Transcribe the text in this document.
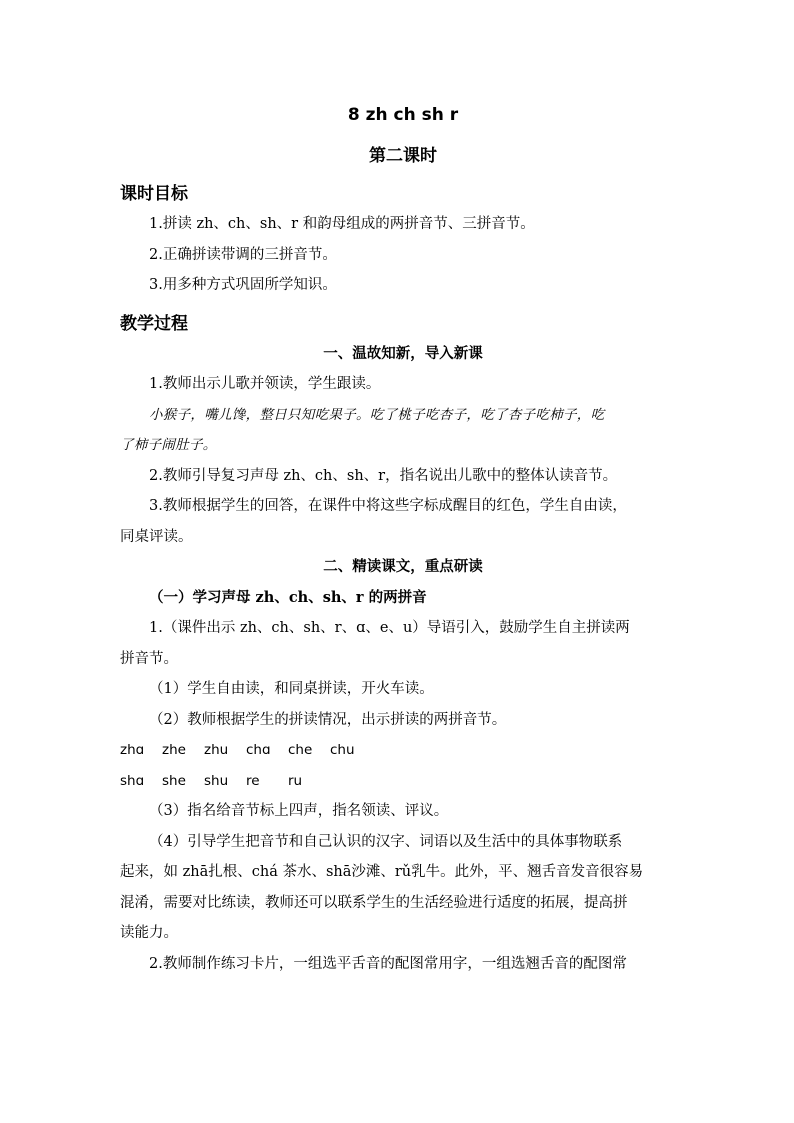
8 zh ch sh r
第二课时
课时目标
1.拼读 zh、ch、sh、r 和韵母组成的两拼音节、三拼音节。
2.正确拼读带调的三拼音节。
3.用多种方式巩固所学知识。
教学过程
一、温故知新，导入新课
1.教师出示儿歌并领读，学生跟读。
小猴子，嘴儿馋，整日只知吃果子。吃了桃子吃杏子，吃了杏子吃柿子，吃
了柿子闹肚子。
2.教师引导复习声母 zh、ch、sh、r，指名说出儿歌中的整体认读音节。
3.教师根据学生的回答，在课件中将这些字标成醒目的红色，学生自由读，
同桌评读。
二、精读课文，重点研读
（一）学习声母 zh、ch、sh、r 的两拼音
1.（课件出示 zh、ch、sh、r、ɑ、e、u）导语引入，鼓励学生自主拼读两
拼音节。
（1）学生自由读，和同桌拼读，开火车读。
（2）教师根据学生的拼读情况，出示拼读的两拼音节。
zhɑ zhe zhu chɑ che chu
shɑ she shu re ru
（3）指名给音节标上四声，指名领读、评议。
（4）引导学生把音节和自己认识的汉字、词语以及生活中的具体事物联系
起来，如 zhā扎根、chá 茶水、shā沙滩、rǔ乳牛。此外，平、翘舌音发音很容易
混淆，需要对比练读，教师还可以联系学生的生活经验进行适度的拓展，提高拼
读能力。
2.教师制作练习卡片，一组选平舌音的配图常用字，一组选翘舌音的配图常
